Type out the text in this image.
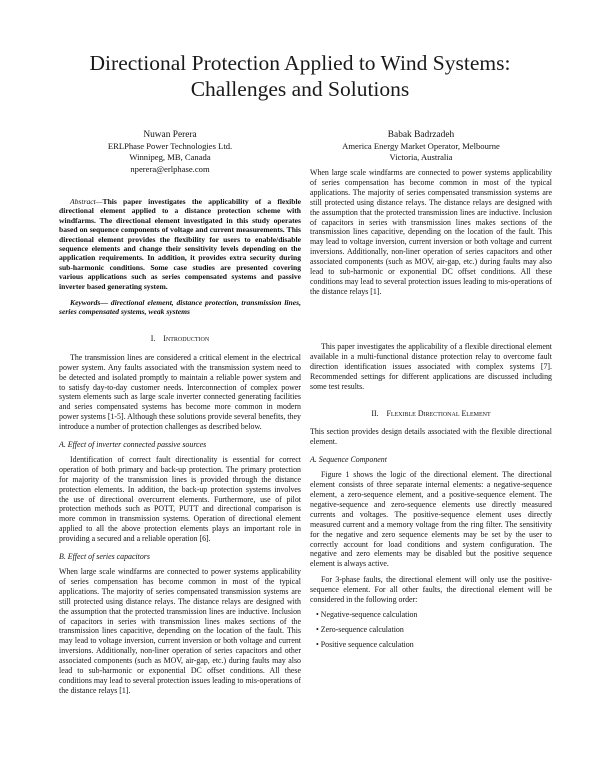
Directional Protection Applied to Wind Systems:
Challenges and Solutions
Nuwan Perera
ERLPhase Power Technologies Ltd.
Winnipeg, MB, Canada
nperera@erlphase.com
Babak Badrzadeh
America Energy Market Operator, Melbourne
Victoria, Australia

Abstract—This paper investigates the applicability of a flexible directional element applied to a distance protection scheme with windfarms. The directional element investigated in this study operates based on sequence components of voltage and current measurements. This directional element provides the flexibility for users to enable/disable sequence elements and change their sensitivity levels depending on the application requirements. In addition, it provides extra security during sub-harmonic conditions. Some case studies are presented covering various applications such as series compensated systems and passive inverter based generating system.

Keywords— directional element, distance protection, transmission lines, series compensated systems, weak systems

I. Introduction

The transmission lines are considered a critical element in the electrical power system. Any faults associated with the transmission system need to be detected and isolated promptly to maintain a reliable power system and to satisfy day-to-day customer needs. Interconnection of complex power system elements such as large scale inverter connected generating facilities and series compensated systems has become more common in modern power systems [1-5]. Although these solutions provide several benefits, they introduce a number of protection challenges as described below.

A. Effect of inverter connected passive sources

Identification of correct fault directionality is essential for correct operation of both primary and back-up protection. The primary protection for majority of the transmission lines is provided through the distance protection elements. In addition, the back-up protection systems involves the use of directional overcurrent elements. Furthermore, use of pilot protection methods such as POTT, PUTT and directional comparison is more common in transmission systems. Operation of directional element applied to all the above protection elements plays an important role in providing a secured and a reliable operation [6].

B. Effect of series capacitors

When large scale windfarms are connected to power systems applicability of series compensation has become common in most of the typical applications. The majority of series compensated transmission systems are still protected using distance relays. The distance relays are designed with the assumption that the protected transmission lines are inductive. Inclusion of capacitors in series with transmission lines makes sections of the transmission lines capacitive, depending on the location of the fault. This may lead to voltage inversion, current inversion or both voltage and current inversions. Additionally, non-liner operation of series capacitors and other associated components (such as MOV, air-gap, etc.) during faults may also lead to sub-harmonic or exponential DC offset conditions. All these conditions may lead to several protection issues leading to mis-operations of the distance relays [1].

When large scale windfarms are connected to power systems applicability of series compensation has become common in most of the typical applications. The majority of series compensated transmission systems are still protected using distance relays. The distance relays are designed with the assumption that the protected transmission lines are inductive. Inclusion of capacitors in series with transmission lines makes sections of the transmission lines capacitive, depending on the location of the fault. This may lead to voltage inversion, current inversion or both voltage and current inversions. Additionally, non-liner operation of series capacitors and other associated components (such as MOV, air-gap, etc.) during faults may also lead to sub-harmonic or exponential DC offset conditions. All these conditions may lead to several protection issues leading to mis-operations of the distance relays [1].

This paper investigates the applicability of a flexible directional element available in a multi-functional distance protection relay to overcome fault direction identification issues associated with complex systems [7]. Recommended settings for different applications are discussed including some test results.

II. Flexible Directional Element

This section provides design details associated with the flexible directional element.

A. Sequence Component

Figure 1 shows the logic of the directional element. The directional element consists of three separate internal elements: a negative-sequence element, a zero-sequence element, and a positive-sequence element. The negative-sequence and zero-sequence elements use directly measured currents and voltages. The positive-sequence element uses directly measured current and a memory voltage from the ring filter. The sensitivity for the negative and zero sequence elements may be set by the user to correctly account for load conditions and system configuration. The negative and zero elements may be disabled but the positive sequence element is always active.

For 3-phase faults, the directional element will only use the positive-sequence element. For all other faults, the directional element will be considered in the following order:

• Negative-sequence calculation
• Zero-sequence calculation
• Positive sequence calculation
